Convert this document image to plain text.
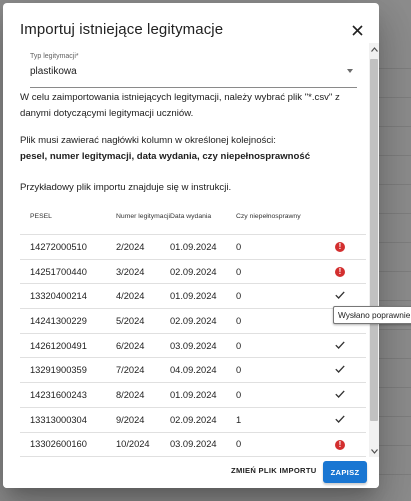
Importuj istniejące legitymacje
Typ legitymacji*
plastikowa
W celu zaimportowania istniejących legitymacji, należy wybrać plik "*.csv" z danymi dotyczącymi legitymacji uczniów.
Plik musi zawierać nagłówki kolumn w określonej kolejności:
pesel, numer legitymacji, data wydania, czy niepełnosprawność
Przykładowy plik importu znajduje się w instrukcji.
PESEL	Numer legitymacji	Data wydania	Czy niepełnosprawny	
14272000510	2/2024	01.09.2024	0	!
14251700440	3/2024	02.09.2024	0	!
13320400214	4/2024	01.09.2024	0	
14241300229	5/2024	02.09.2024	0	
14261200491	6/2024	03.09.2024	0	
13291900359	7/2024	04.09.2024	0	
14231600243	8/2024	01.09.2024	0	
13313000304	9/2024	02.09.2024	1	
13302600160	10/2024	03.09.2024	0	!
ZMIEŃ PLIK IMPORTU	ZAPISZ
Wysłano poprawnie
